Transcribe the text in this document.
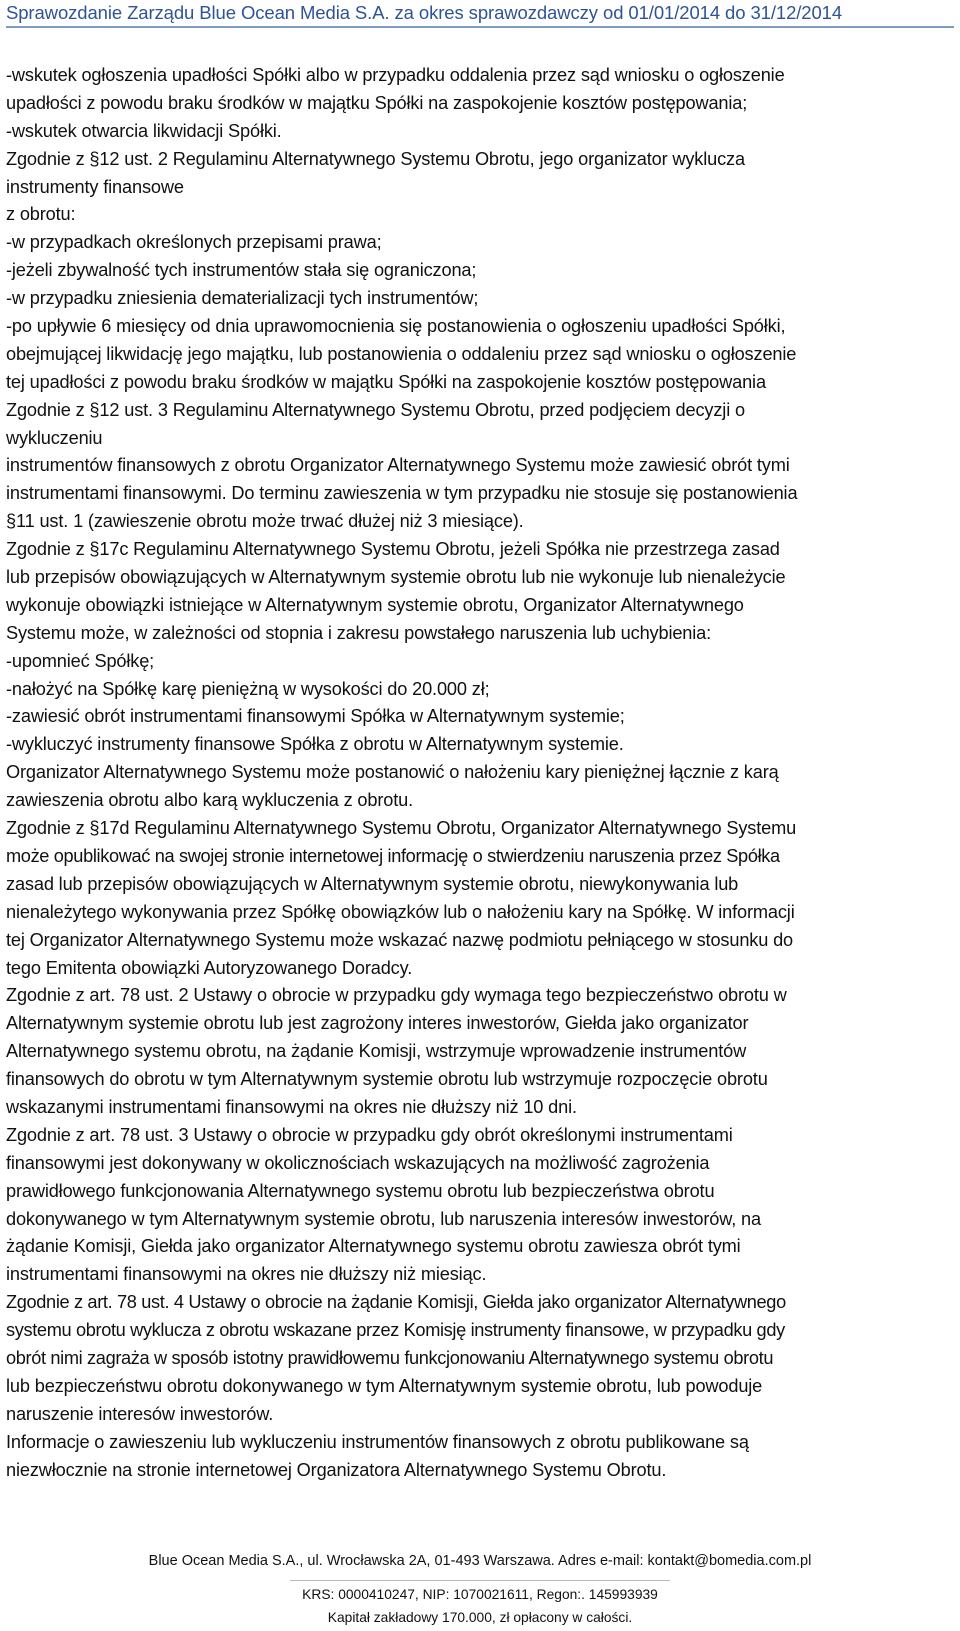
Sprawozdanie Zarządu Blue Ocean Media S.A. za okres sprawozdawczy od 01/01/2014 do 31/12/2014
-wskutek ogłoszenia upadłości Spółki albo w przypadku oddalenia przez sąd wniosku o ogłoszenie
upadłości z powodu braku środków w majątku Spółki na zaspokojenie kosztów postępowania;
-wskutek otwarcia likwidacji Spółki.
Zgodnie z §12 ust. 2 Regulaminu Alternatywnego Systemu Obrotu, jego organizator wyklucza
instrumenty finansowe
z obrotu:
-w przypadkach określonych przepisami prawa;
-jeżeli zbywalność tych instrumentów stała się ograniczona;
-w przypadku zniesienia dematerializacji tych instrumentów;
-po upływie 6 miesięcy od dnia uprawomocnienia się postanowienia o ogłoszeniu upadłości Spółki,
obejmującej likwidację jego majątku, lub postanowienia o oddaleniu przez sąd wniosku o ogłoszenie
tej upadłości z powodu braku środków w majątku Spółki na zaspokojenie kosztów postępowania
Zgodnie z §12 ust. 3 Regulaminu Alternatywnego Systemu Obrotu, przed podjęciem decyzji o
wykluczeniu
instrumentów finansowych z obrotu Organizator Alternatywnego Systemu może zawiesić obrót tymi
instrumentami finansowymi. Do terminu zawieszenia w tym przypadku nie stosuje się postanowienia
§11 ust. 1 (zawieszenie obrotu może trwać dłużej niż 3 miesiące).
Zgodnie z §17c Regulaminu Alternatywnego Systemu Obrotu, jeżeli Spółka nie przestrzega zasad
lub przepisów obowiązujących w Alternatywnym systemie obrotu lub nie wykonuje lub nienależycie
wykonuje obowiązki istniejące w Alternatywnym systemie obrotu, Organizator Alternatywnego
Systemu może, w zależności od stopnia i zakresu powstałego naruszenia lub uchybienia:
-upomnieć Spółkę;
-nałożyć na Spółkę karę pieniężną w wysokości do 20.000 zł;
-zawiesić obrót instrumentami finansowymi Spółka w Alternatywnym systemie;
-wykluczyć instrumenty finansowe Spółka z obrotu w Alternatywnym systemie.
Organizator Alternatywnego Systemu może postanowić o nałożeniu kary pieniężnej łącznie z karą
zawieszenia obrotu albo karą wykluczenia z obrotu.
Zgodnie z §17d Regulaminu Alternatywnego Systemu Obrotu, Organizator Alternatywnego Systemu
może opublikować na swojej stronie internetowej informację o stwierdzeniu naruszenia przez Spółka
zasad lub przepisów obowiązujących w Alternatywnym systemie obrotu, niewykonywania lub
nienależytego wykonywania przez Spółkę obowiązków lub o nałożeniu kary na Spółkę. W informacji
tej Organizator Alternatywnego Systemu może wskazać nazwę podmiotu pełniącego w stosunku do
tego Emitenta obowiązki Autoryzowanego Doradcy.
Zgodnie z art. 78 ust. 2 Ustawy o obrocie w przypadku gdy wymaga tego bezpieczeństwo obrotu w
Alternatywnym systemie obrotu lub jest zagrożony interes inwestorów, Giełda jako organizator
Alternatywnego systemu obrotu, na żądanie Komisji, wstrzymuje wprowadzenie instrumentów
finansowych do obrotu w tym Alternatywnym systemie obrotu lub wstrzymuje rozpoczęcie obrotu
wskazanymi instrumentami finansowymi na okres nie dłuższy niż 10 dni.
Zgodnie z art. 78 ust. 3 Ustawy o obrocie w przypadku gdy obrót określonymi instrumentami
finansowymi jest dokonywany w okolicznościach wskazujących na możliwość zagrożenia
prawidłowego funkcjonowania Alternatywnego systemu obrotu lub bezpieczeństwa obrotu
dokonywanego w tym Alternatywnym systemie obrotu, lub naruszenia interesów inwestorów, na
żądanie Komisji, Giełda jako organizator Alternatywnego systemu obrotu zawiesza obrót tymi
instrumentami finansowymi na okres nie dłuższy niż miesiąc.
Zgodnie z art. 78 ust. 4 Ustawy o obrocie na żądanie Komisji, Giełda jako organizator Alternatywnego
systemu obrotu wyklucza z obrotu wskazane przez Komisję instrumenty finansowe, w przypadku gdy
obrót nimi zagraża w sposób istotny prawidłowemu funkcjonowaniu Alternatywnego systemu obrotu
lub bezpieczeństwu obrotu dokonywanego w tym Alternatywnym systemie obrotu, lub powoduje
naruszenie interesów inwestorów.
Informacje o zawieszeniu lub wykluczeniu instrumentów finansowych z obrotu publikowane są
niezwłocznie na stronie internetowej Organizatora Alternatywnego Systemu Obrotu.
Blue Ocean Media S.A., ul. Wrocławska 2A, 01-493 Warszawa. Adres e-mail: kontakt@bomedia.com.pl
KRS: 0000410247, NIP: 1070021611, Regon:. 145993939
Kapitał zakładowy 170.000, zł opłacony w całości.
